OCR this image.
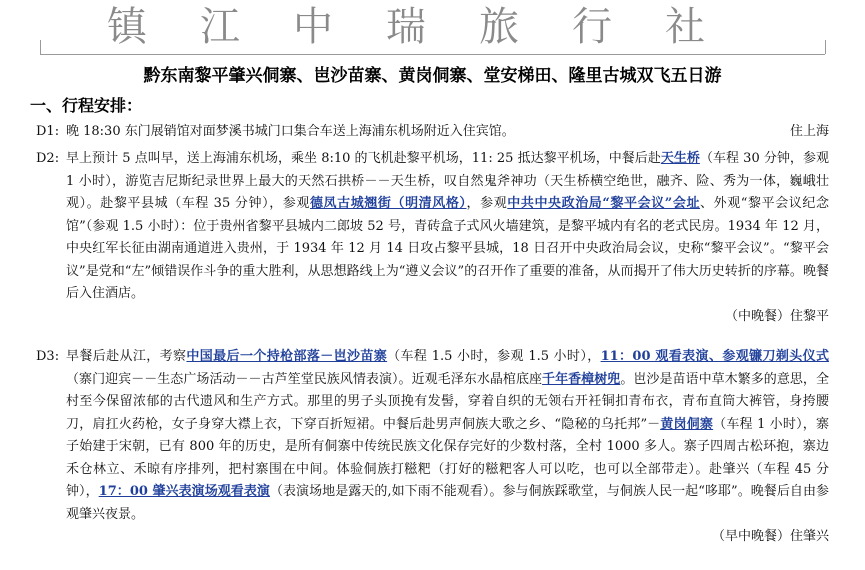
镇江中瑞旅行社
黔东南黎平肇兴侗寨、岜沙苗寨、黄岗侗寨、堂安梯田、隆里古城双飞五日游
一、行程安排：
D1: 晚 18:30 东门展销馆对面梦溪书城门口集合车送上海浦东机场附近入住宾馆。	住上海
D2: 早上预计 5 点叫早，送上海浦东机场，乘坐 8:10 的飞机赴黎平机场，11: 25 抵达黎平机场，中餐后赴天生桥（车程 30 分钟，参观 1 小时），游览吉尼斯纪录世界上最大的天然石拱桥－－天生桥，叹自然鬼斧神功（天生桥横空绝世，融齐、险、秀为一体，巍峨壮观）。赴黎平县城（车程 35 分钟），参观德凤古城翘街（明清风格），参观中共中央政治局“黎平会议”会址、外观“黎平会议纪念馆”（参观 1.5 小时）：位于贵州省黎平县城内二郎坡 52 号，青砖盒子式风火墙建筑，是黎平城内有名的老式民房。1934 年 12 月，中央红军长征由湖南通道进入贵州，于 1934 年 12 月 14 日攻占黎平县城，18 日召开中央政治局会议，史称“黎平会议”。“黎平会议”是党和“左”倾错误作斗争的重大胜利，从思想路线上为“遵义会议”的召开作了重要的准备，从而揭开了伟大历史转折的序幕。晚餐后入住酒店。
（中晚餐）住黎平
D3: 早餐后赴从江，考察中国最后一个持枪部落－岜沙苗寨（车程 1.5 小时，参观 1.5 小时），11：00 观看表演、参观镰刀剃头仪式（寨门迎宾－－生态广场活动－－古芦笙堂民族风情表演）。近观毛泽东水晶棺底座千年香樟树兜。岜沙是苗语中草木繁多的意思，全村至今保留浓郁的古代遗风和生产方式。那里的男子头顶挽有发髻，穿着自织的无领右开衽铜扣青布衣，青布直筒大裤管，身挎腰刀，肩扛火药枪，女子身穿大襟上衣，下穿百折短裙。中餐后赴男声侗族大歌之乡、“隐秘的乌托邦”－黄岗侗寨（车程 1 小时），寨子始建于宋朝，已有 800 年的历史，是所有侗寨中传统民族文化保存完好的少数村落，全村 1000 多人。寨子四周古松环抱，寨边禾仓林立、禾晾有序排列，把村寨围在中间。体验侗族打糍粑（打好的糍粑客人可以吃，也可以全部带走）。赴肇兴（车程 45 分钟），17：00 肇兴表演场观看表演（表演场地是露天的,如下雨不能观看）。参与侗族踩歌堂，与侗族人民一起“哆耶”。晚餐后自由参观肇兴夜景。
（早中晚餐）住肇兴
